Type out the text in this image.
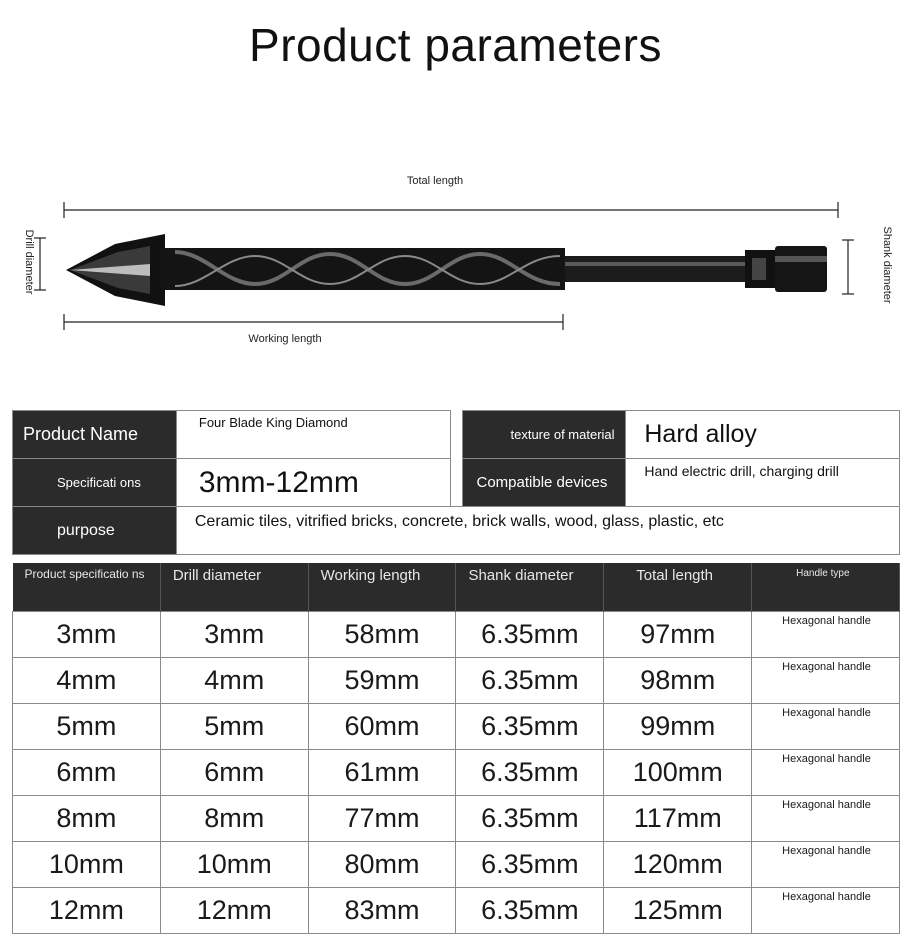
Product parameters
Total length
Drill diameter	Shank diameter
Working length
Product Name	Four Blade King Diamond		texture of material	Hard alloy
Specificati ons	3mm-12mm		Compatible devices	Hand electric drill, charging drill
purpose	Ceramic tiles, vitrified bricks, concrete, brick walls, wood, glass, plastic, etc			
Product specificatio ns	Drill diameter	Working length	Shank diameter	Total length	Handle type
3mm	3mm	58mm	6.35mm	97mm	Hexagonal handle
4mm	4mm	59mm	6.35mm	98mm	Hexagonal handle
5mm	5mm	60mm	6.35mm	99mm	Hexagonal handle
6mm	6mm	61mm	6.35mm	100mm	Hexagonal handle
8mm	8mm	77mm	6.35mm	117mm	Hexagonal handle
10mm	10mm	80mm	6.35mm	120mm	Hexagonal handle
12mm	12mm	83mm	6.35mm	125mm	Hexagonal handle
